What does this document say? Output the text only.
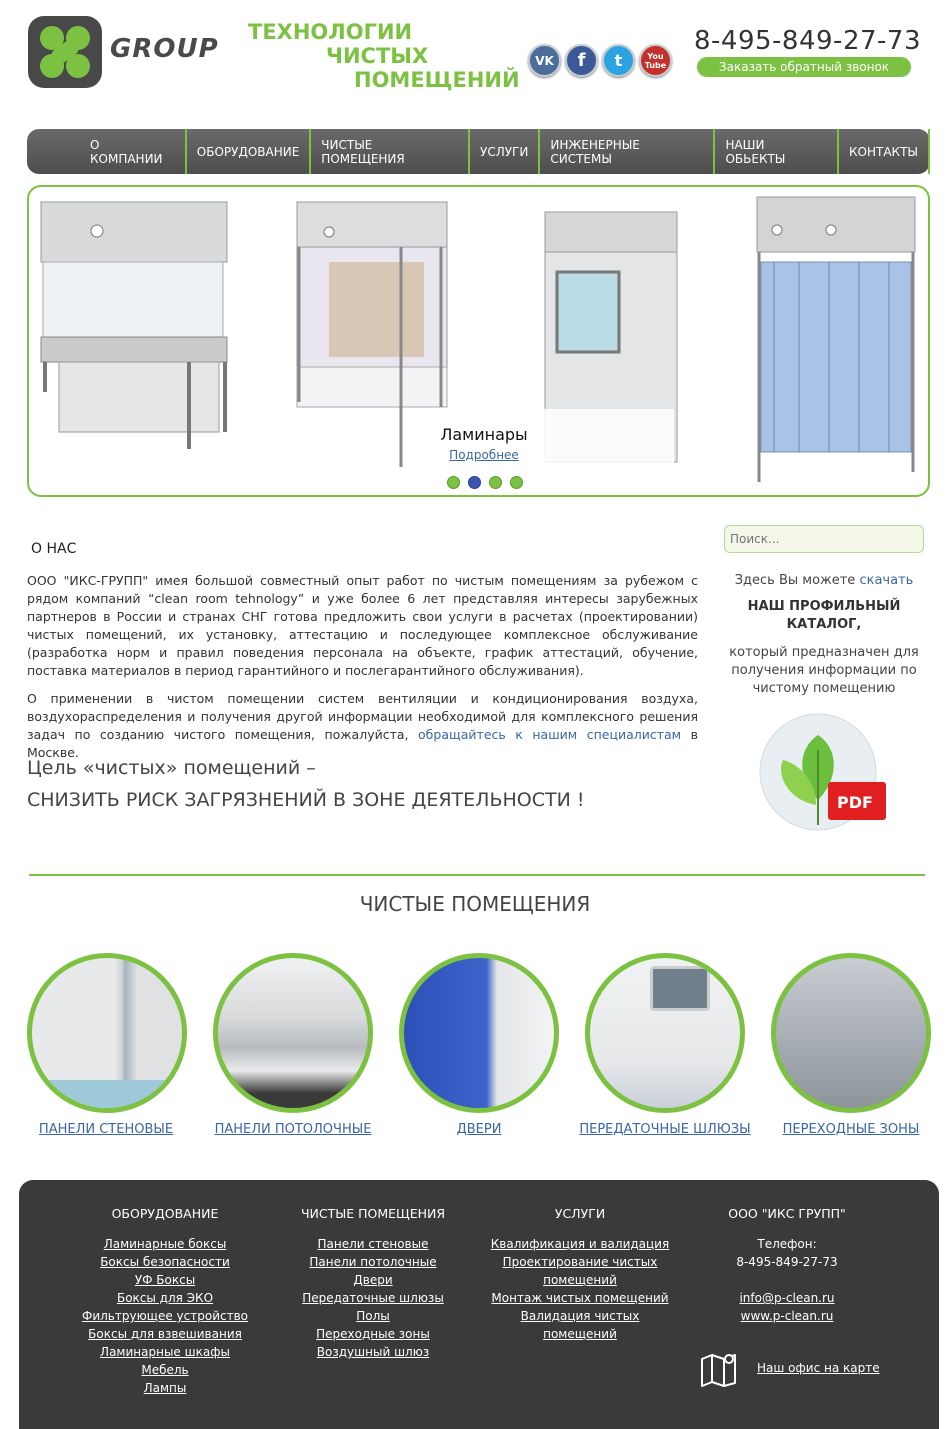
GROUP
ТЕХНОЛОГИИ
ЧИСТЫХ
ПОМЕЩЕНИЙ
VK	f	t	You Tube
8-495-849-27-73
Заказать обратный звонок
О КОМПАНИИ	ОБОРУДОВАНИЕ	ЧИСТЫЕ ПОМЕЩЕНИЯ	УСЛУГИ	ИНЖЕНЕРНЫЕ СИСТЕМЫ
НАШИ ОБЬЕКТЫ	КОНТАКТЫ
Ламинары
Подробнее
О НАС

ООО "ИКС-ГРУПП" имея большой совместный опыт работ по чистым помещениям за рубежом с рядом компаний “clean room tehnology” и уже более 6 лет представляя интересы зарубежных партнеров в России и странах СНГ готова предложить свои услуги в расчетах (проектировании) чистых помещений, их установку, аттестацию и последующее комплексное обслуживание (разработка норм и правил поведения персонала на объекте, график аттестаций, обучение, поставка материалов в период гарантийного и послегарантийного обслуживания).

О применении в чистом помещении систем вентиляции и кондиционирования воздуха, воздухораспределения и получения другой информации необходимой для комплексного решения задач по созданию чистого помещения, пожалуйста, обращайтесь к нашим специалистам в Москве.

Цель «чистых» помещений –
СНИЗИТЬ РИСК ЗАГРЯЗНЕНИЙ В ЗОНЕ ДЕЯТЕЛЬНОСТИ !
Поиск...
Здесь Вы можете скачать
НАШ ПРОФИЛЬНЫЙ КАТАЛОГ,
который предназначен для получения информации по чистому помещению
PDF
ЧИСТЫЕ ПОМЕЩЕНИЯ
ПАНЕЛИ СТЕНОВЫЕ	ПАНЕЛИ ПОТОЛОЧНЫЕ	ДВЕРИ	ПЕРЕДАТОЧНЫЕ ШЛЮЗЫ	ПЕРЕХОДНЫЕ ЗОНЫ
ОБОРУДОВАНИЕ
Ламинарные боксы
Боксы безопасности
УФ Боксы
Боксы для ЭКО
Фильтрующее устройство
Боксы для взвешивания
Ламинарные шкафы
Мебель
Лампы
ЧИСТЫЕ ПОМЕЩЕНИЯ
Панели стеновые
Панели потолочные
Двери
Передаточные шлюзы
Полы
Переходные зоны
Воздушный шлюз
УСЛУГИ
Квалификация и валидация
Проектирование чистых помещений
Монтаж чистых помещений
Валидация чистых помещений
ООО "ИКС ГРУПП"
Телефон:
8-495-849-27-73
info@p-clean.ru
www.p-clean.ru
Наш офис на карте
